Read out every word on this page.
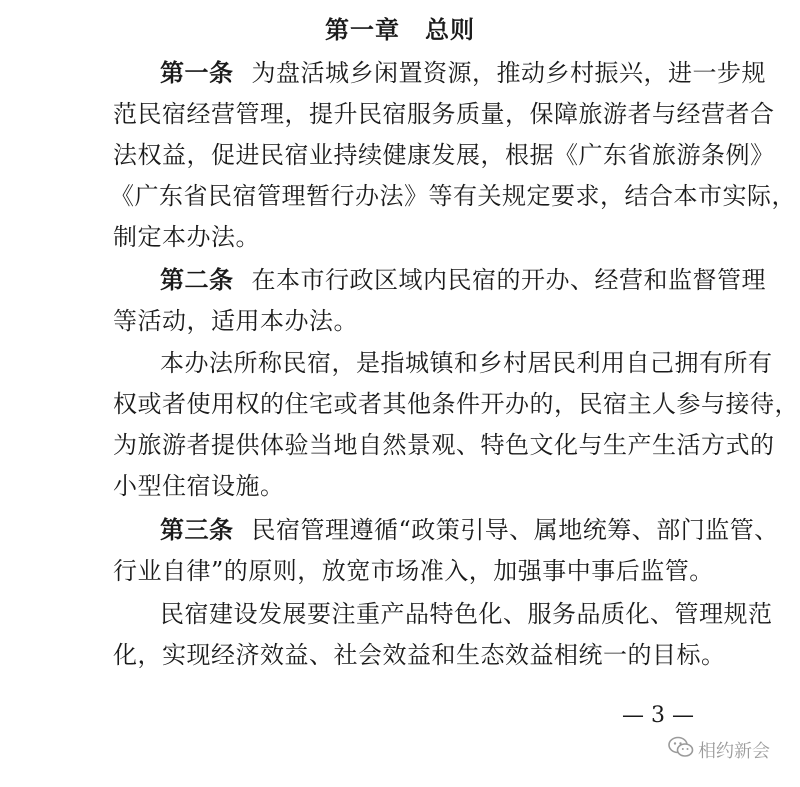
第一章　总则
第一条 为盘活城乡闲置资源，推动乡村振兴，进一步规
范民宿经营管理，提升民宿服务质量，保障旅游者与经营者合
法权益，促进民宿业持续健康发展，根据《广东省旅游条例》
《广东省民宿管理暂行办法》等有关规定要求，结合本市实际，
制定本办法。
第二条 在本市行政区域内民宿的开办、经营和监督管理
等活动，适用本办法。
本办法所称民宿，是指城镇和乡村居民利用自己拥有所有
权或者使用权的住宅或者其他条件开办的，民宿主人参与接待，
为旅游者提供体验当地自然景观、特色文化与生产生活方式的
小型住宿设施。
第三条 民宿管理遵循“政策引导、属地统筹、部门监管、
行业自律”的原则，放宽市场准入，加强事中事后监管。
民宿建设发展要注重产品特色化、服务品质化、管理规范
化，实现经济效益、社会效益和生态效益相统一的目标。
— 3 —
相约新会
